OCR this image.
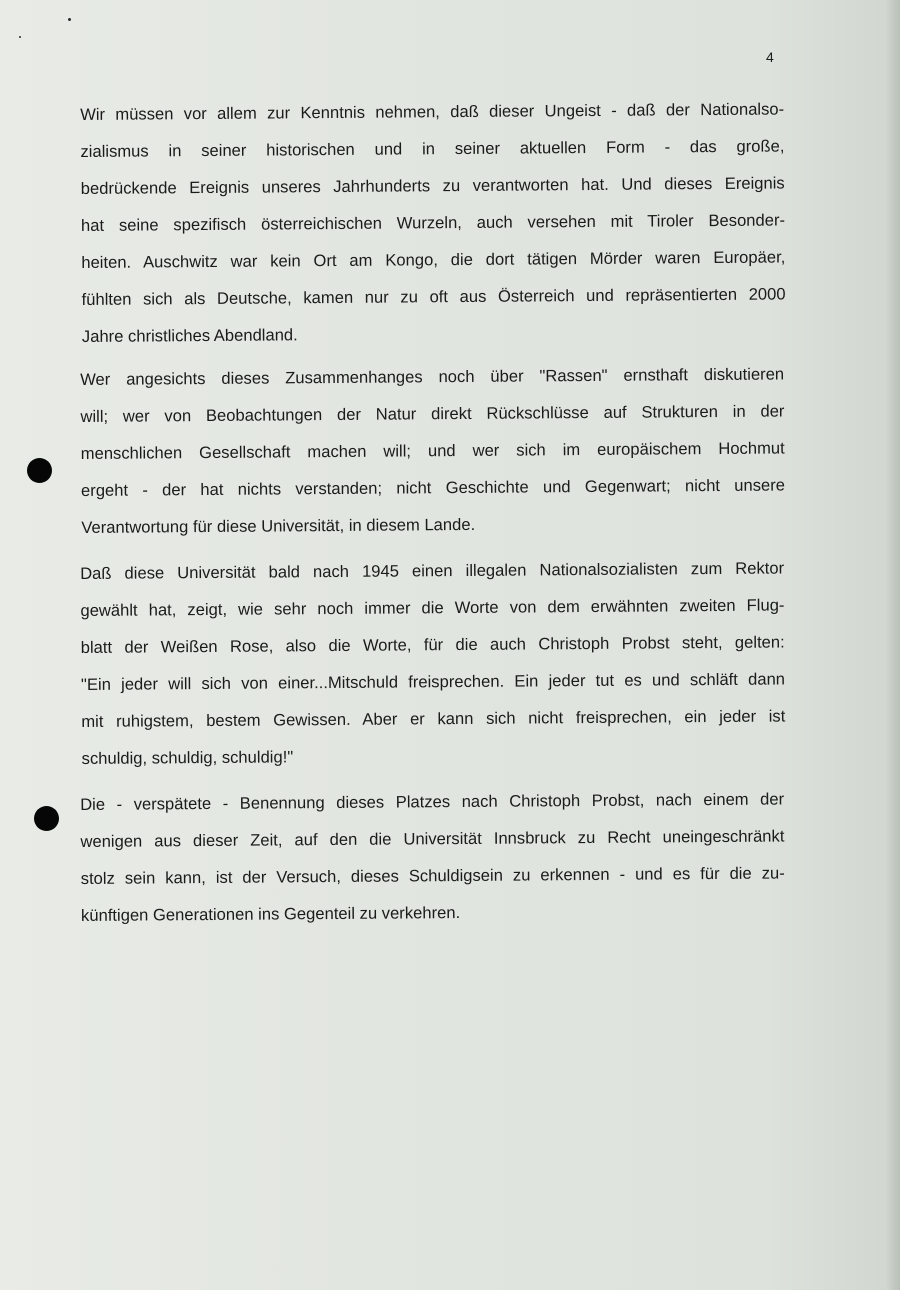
4

Wir müssen vor allem zur Kenntnis nehmen, daß dieser Ungeist - daß der Nationalso-
zialismus in seiner historischen und in seiner aktuellen Form - das große,
bedrückende Ereignis unseres Jahrhunderts zu verantworten hat. Und dieses Ereignis
hat seine spezifisch österreichischen Wurzeln, auch versehen mit Tiroler Besonder-
heiten. Auschwitz war kein Ort am Kongo, die dort tätigen Mörder waren Europäer,
fühlten sich als Deutsche, kamen nur zu oft aus Österreich und repräsentierten 2000
Jahre christliches Abendland.

Wer angesichts dieses Zusammenhanges noch über "Rassen" ernsthaft diskutieren
will; wer von Beobachtungen der Natur direkt Rückschlüsse auf Strukturen in der
menschlichen Gesellschaft machen will; und wer sich im europäischem Hochmut
ergeht - der hat nichts verstanden; nicht Geschichte und Gegenwart; nicht unsere
Verantwortung für diese Universität, in diesem Lande.

Daß diese Universität bald nach 1945 einen illegalen Nationalsozialisten zum Rektor
gewählt hat, zeigt, wie sehr noch immer die Worte von dem erwähnten zweiten Flug-
blatt der Weißen Rose, also die Worte, für die auch Christoph Probst steht, gelten:
"Ein jeder will sich von einer...Mitschuld freisprechen. Ein jeder tut es und schläft dann
mit ruhigstem, bestem Gewissen. Aber er kann sich nicht freisprechen, ein jeder ist
schuldig, schuldig, schuldig!"

Die - verspätete - Benennung dieses Platzes nach Christoph Probst, nach einem der
wenigen aus dieser Zeit, auf den die Universität Innsbruck zu Recht uneingeschränkt
stolz sein kann, ist der Versuch, dieses Schuldigsein zu erkennen - und es für die zu-
künftigen Generationen ins Gegenteil zu verkehren.
